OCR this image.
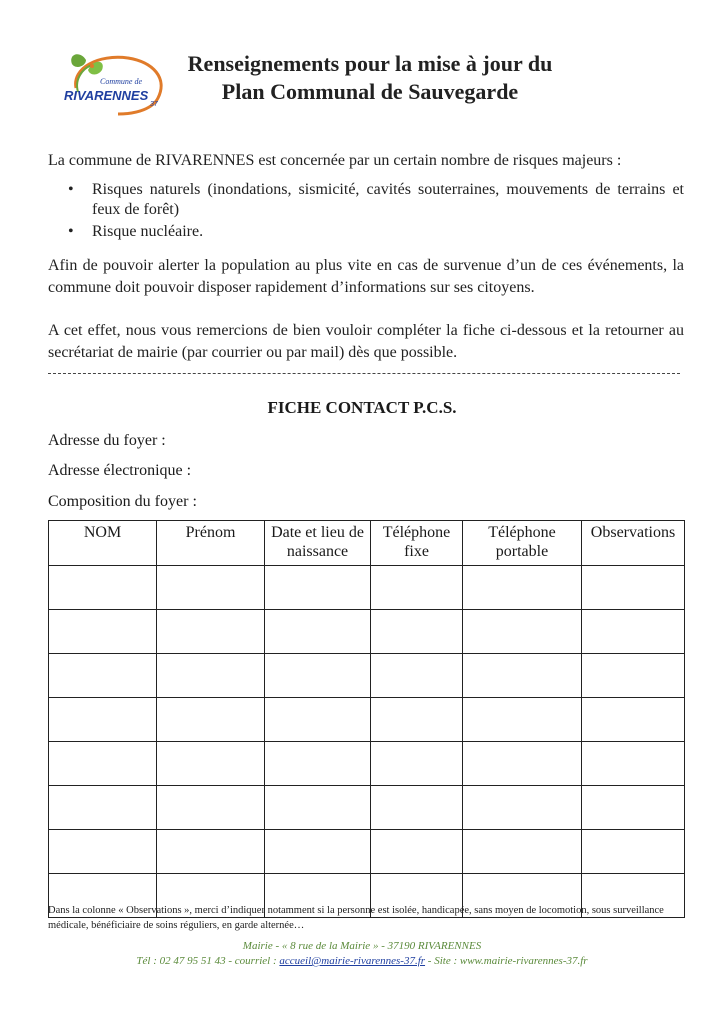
Commune de
RIVARENNES
37
Renseignements pour la mise à jour du
Plan Communal de Sauvegarde
La commune de RIVARENNES est concernée par un certain nombre de risques majeurs :
• Risques naturels (inondations, sismicité, cavités souterraines, mouvements de terrains et feux de forêt)
• Risque nucléaire.
Afin de pouvoir alerter la population au plus vite en cas de survenue d’un de ces événements, la commune doit pouvoir disposer rapidement d’informations sur ses citoyens.
A cet effet, nous vous remercions de bien vouloir compléter la fiche ci-dessous et la retourner au secrétariat de mairie (par courrier ou par mail) dès que possible.
FICHE CONTACT P.C.S.
Adresse du foyer :
Adresse électronique :
Composition du foyer :
NOM	Prénom	Date et lieu de naissance	Téléphone fixe	Téléphone portable	Observations

Dans la colonne « Observations », merci d’indiquer notamment si la personne est isolée, handicapée, sans moyen de locomotion, sous surveillance médicale, bénéficiaire de soins réguliers, en garde alternée…
Mairie - « 8 rue de la Mairie » - 37190 RIVARENNES
Tél : 02 47 95 51 43 - courriel : accueil@mairie-rivarennes-37.fr - Site : www.mairie-rivarennes-37.fr
